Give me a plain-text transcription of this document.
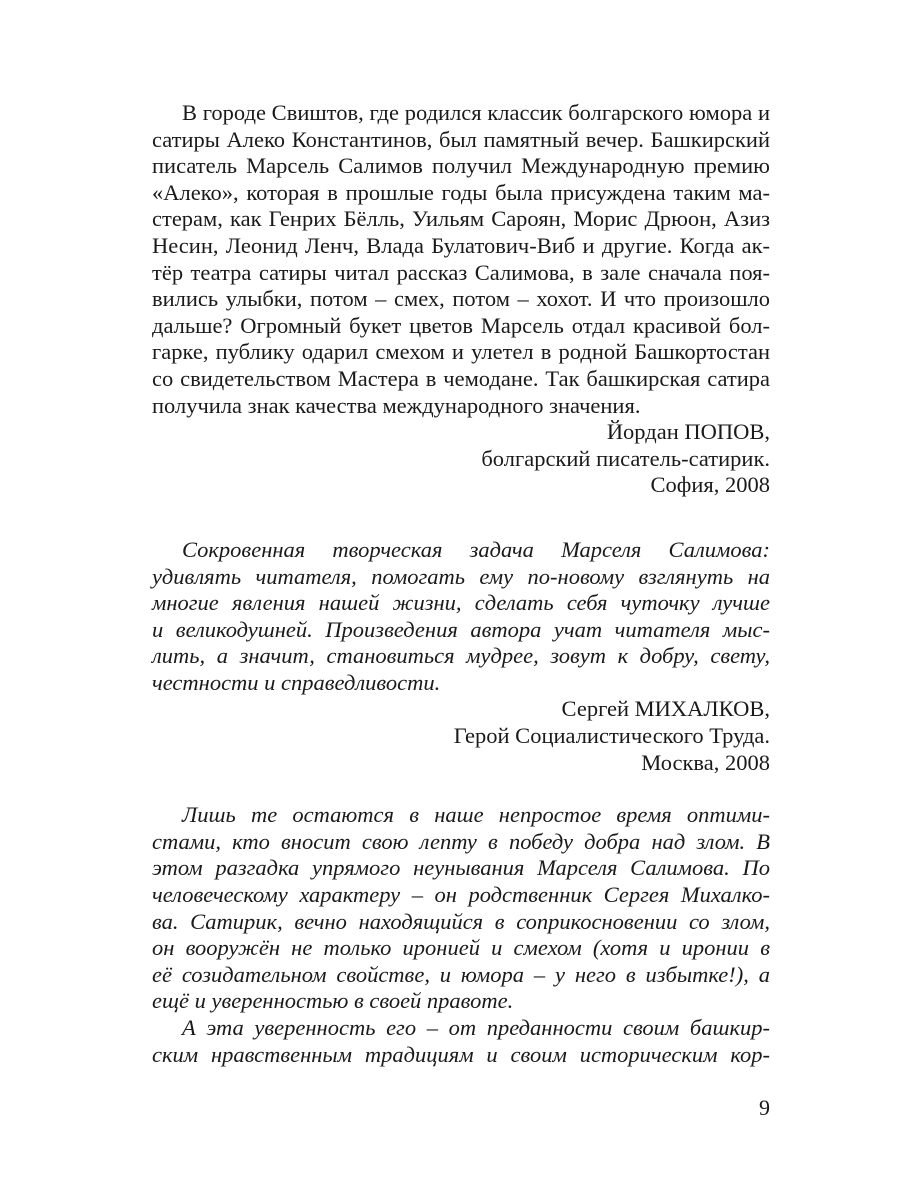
В городе Свиштов, где родился классик болгарского юмора и
сатиры Алеко Константинов, был памятный вечер. Башкирский
писатель Марсель Салимов получил Международную премию
«Алеко», которая в прошлые годы была присуждена таким ма-
стерам, как Генрих Бёлль, Уильям Сароян, Морис Дрюон, Азиз
Несин, Леонид Ленч, Влада Булатович-Виб и другие. Когда ак-
тёр театра сатиры читал рассказ Салимова, в зале сначала поя-
вились улыбки, потом – смех, потом – хохот. И что произошло
дальше? Огромный букет цветов Марсель отдал красивой бол-
гарке, публику одарил смехом и улетел в родной Башкортостан
со свидетельством Мастера в чемодане. Так башкирская сатира
получила знак качества международного значения.
Йордан ПОПОВ,
болгарский писатель-сатирик.
София, 2008
Сокровенная творческая задача Марселя Салимова:
удивлять читателя, помогать ему по-новому взглянуть на
многие явления нашей жизни, сделать себя чуточку лучше
и великодушней. Произведения автора учат читателя мыс-
лить, а значит, становиться мудрее, зовут к добру, свету,
честности и справедливости.
Сергей МИХАЛКОВ,
Герой Социалистического Труда.
Москва, 2008
Лишь те остаются в наше непростое время оптими-
стами, кто вносит свою лепту в победу добра над злом. В
этом разгадка упрямого неунывания Марселя Салимова. По
человеческому характеру – он родственник Сергея Михалко-
ва. Сатирик, вечно находящийся в соприкосновении со злом,
он вооружён не только иронией и смехом (хотя и иронии в
её созидательном свойстве, и юмора – у него в избытке!), а
ещё и уверенностью в своей правоте.
А эта уверенность его – от преданности своим башкир-
ским нравственным традициям и своим историческим кор-
9
